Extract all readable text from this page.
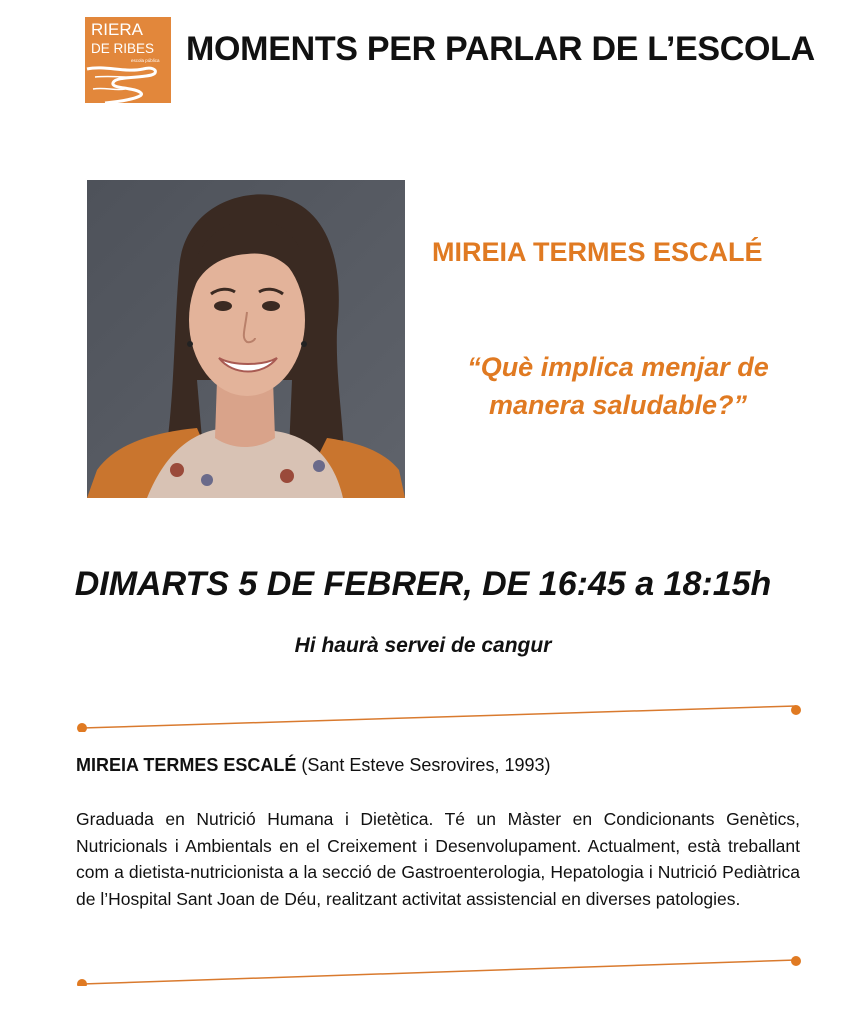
RIERA
DE RIBES
escola pública MOMENTS PER PARLAR DE L’ESCOLA
MIREIA TERMES ESCALÉ
“Què implica menjar de manera saludable?”
DIMARTS 5 DE FEBRER, DE 16:45 a 18:15h
Hi haurà servei de cangur
MIREIA TERMES ESCALÉ (Sant Esteve Sesrovires, 1993)
Graduada en Nutrició Humana i Dietètica. Té un Màster en Condicionants Genètics, Nutricionals i Ambientals en el Creixement i Desenvolupament. Actualment, està treballant com a dietista-nutricionista a la secció de Gastroenterologia, Hepatologia i Nutrició Pediàtrica de l’Hospital Sant Joan de Déu, realitzant activitat assistencial en diverses patologies.
